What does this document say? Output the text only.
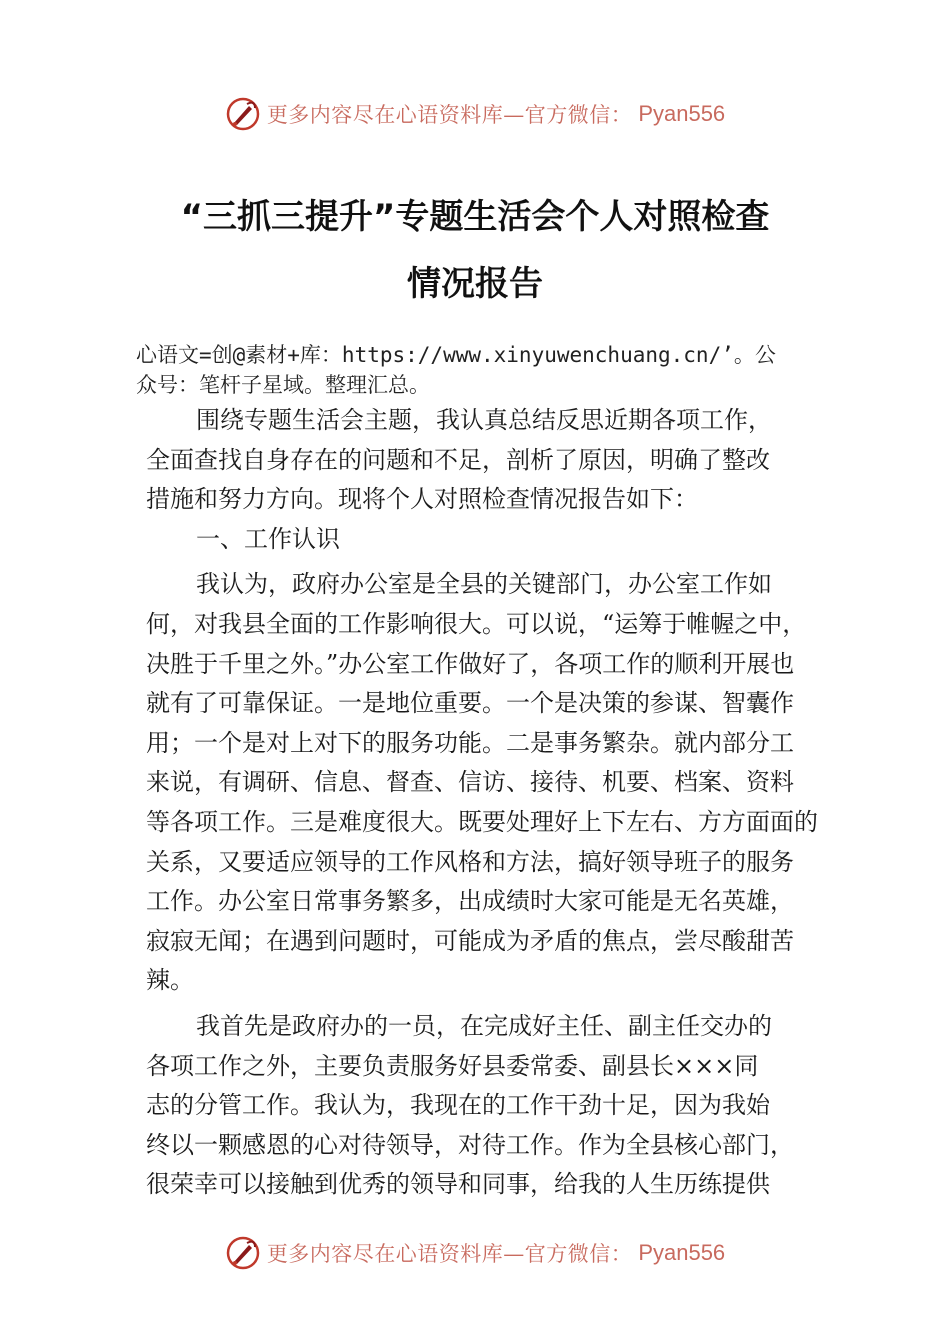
更多内容尽在心语资料库—官方微信： Pyan556
“三抓三提升”专题生活会个人对照检查
情况报告
心语文=创@素材+库：https://www.xinyuwenchuang.cn/’。公
众号：笔杆子星域。整理汇总。
围绕专题生活会主题，我认真总结反思近期各项工作，
全面查找自身存在的问题和不足，剖析了原因，明确了整改
措施和努力方向。现将个人对照检查情况报告如下：
一、工作认识
我认为，政府办公室是全县的关键部门，办公室工作如
何，对我县全面的工作影响很大。可以说，“运筹于帷幄之中，
决胜于千里之外。”办公室工作做好了，各项工作的顺利开展也
就有了可靠保证。一是地位重要。一个是决策的参谋、智囊作
用；一个是对上对下的服务功能。二是事务繁杂。就内部分工
来说，有调研、信息、督查、信访、接待、机要、档案、资料
等各项工作。三是难度很大。既要处理好上下左右、方方面面的
关系，又要适应领导的工作风格和方法，搞好领导班子的服务
工作。办公室日常事务繁多，出成绩时大家可能是无名英雄，
寂寂无闻；在遇到问题时，可能成为矛盾的焦点，尝尽酸甜苦
辣。
我首先是政府办的一员，在完成好主任、副主任交办的
各项工作之外，主要负责服务好县委常委、副县长×××同
志的分管工作。我认为，我现在的工作干劲十足，因为我始
终以一颗感恩的心对待领导，对待工作。作为全县核心部门，
很荣幸可以接触到优秀的领导和同事，给我的人生历练提供
更多内容尽在心语资料库—官方微信： Pyan556
